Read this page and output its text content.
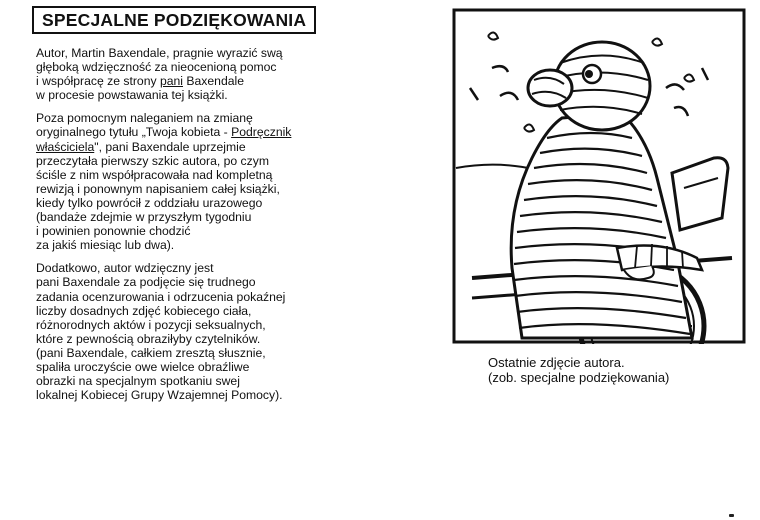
SPECJALNE PODZIĘKOWANIA

Autor, Martin Baxendale, pragnie wyrazić swą
głęboką wdzięczność za nieocenioną pomoc
i współpracę ze strony pani Baxendale
w procesie powstawania tej książki.

Poza pomocnym naleganiem na zmianę
oryginalnego tytułu „Twoja kobieta - Podręcznik
właściciela", pani Baxendale uprzejmie
przeczytała pierwszy szkic autora, po czym
ściśle z nim współpracowała nad kompletną
rewizją i ponownym napisaniem całej książki,
kiedy tylko powrócił z oddziału urazowego
(bandaże zdejmie w przyszłym tygodniu
i powinien ponownie chodzić
za jakiś miesiąc lub dwa).

Dodatkowo, autor wdzięczny jest
pani Baxendale za podjęcie się trudnego
zadania ocenzurowania i odrzucenia pokaźnej
liczby dosadnych zdjęć kobiecego ciała,
różnorodnych aktów i pozycji seksualnych,
które z pewnością obraziłyby czytelników.
(pani Baxendale, całkiem zresztą słusznie,
spaliła uroczyście owe wielce obraźliwe
obrazki na specjalnym spotkaniu swej
lokalnej Kobiecej Grupy Wzajemnej Pomocy).

Ostatnie zdjęcie autora.
(zob. specjalne podziękowania)
